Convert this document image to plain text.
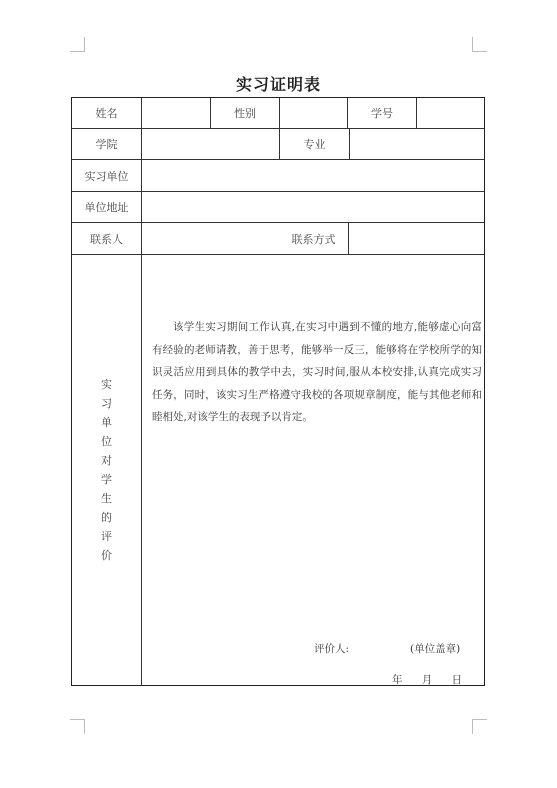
实习证明表
姓名	性别	学号
学院	专业
实习单位
单位地址
联系人	联系方式
实
习
单
位
对
学
生
的
评
价
该学生实习期间工作认真,在实习中遇到不懂的地方,能够虚心向富有经验的老师请教，善于思考，能够举一反三，能够将在学校所学的知识灵活应用到具体的教学中去，实习时间,服从本校安排,认真完成实习任务，同时，该实习生严格遵守我校的各项规章制度，能与其他老师和睦相处,对该学生的表现予以肯定。
评价人:	(单位盖章)
年 月 日
